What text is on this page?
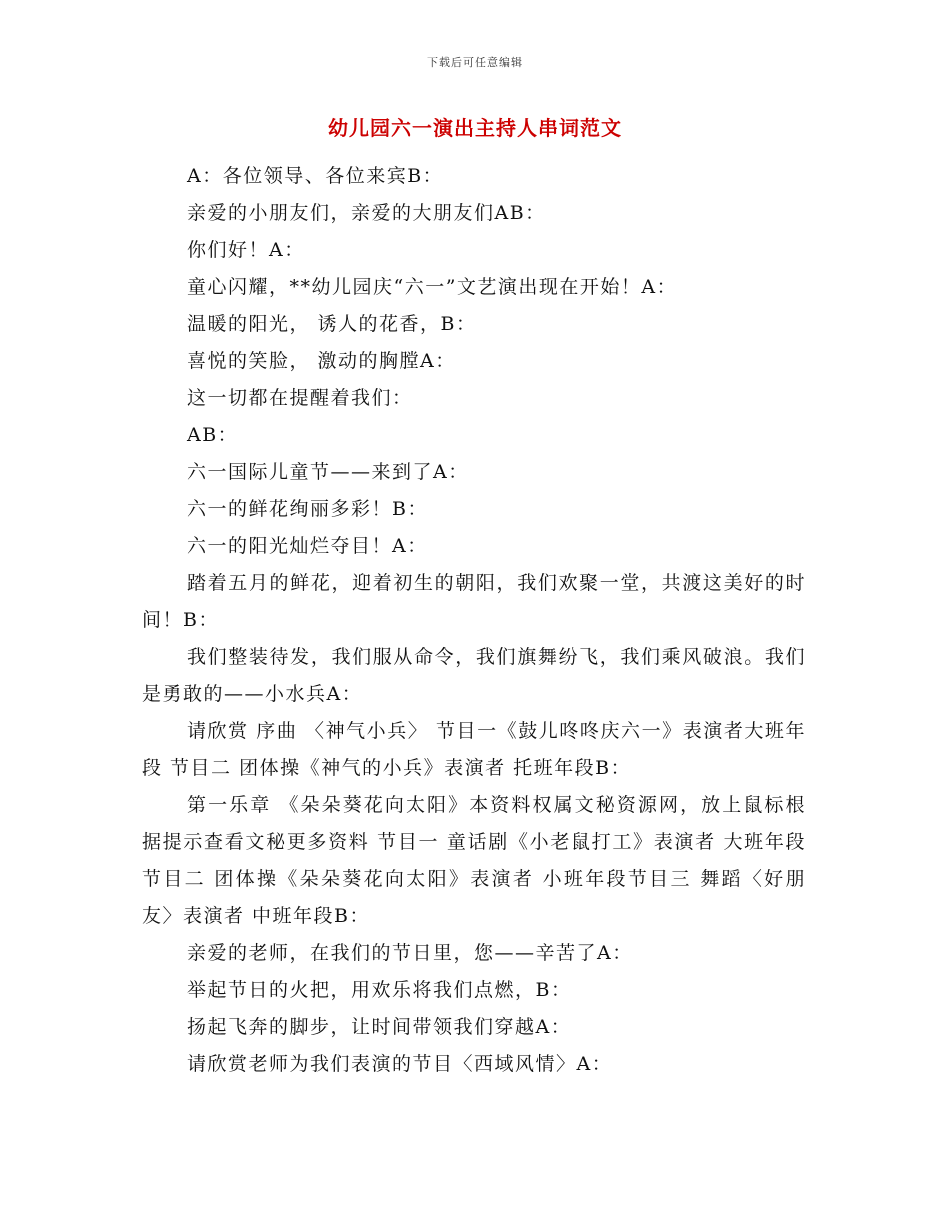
下载后可任意编辑
幼儿园六一演出主持人串词范文

A：各位领导、各位来宾B：

亲爱的小朋友们，亲爱的大朋友们AB：

你们好！A：

童心闪耀，**幼儿园庆“六一”文艺演出现在开始！A：

温暖的阳光， 诱人的花香，B：

喜悦的笑脸， 激动的胸膛A：

这一切都在提醒着我们：

AB：

六一国际儿童节——来到了A：

六一的鲜花绚丽多彩！B：

六一的阳光灿烂夺目！A：

踏着五月的鲜花，迎着初生的朝阳，我们欢聚一堂，共渡这美好的时间！B：

我们整装待发，我们服从命令，我们旗舞纷飞，我们乘风破浪。我们是勇敢的——小水兵A：

请欣赏 序曲 〈神气小兵〉 节目一《鼓儿咚咚庆六一》表演者大班年段 节目二 团体操《神气的小兵》表演者 托班年段B：

第一乐章 《朵朵葵花向太阳》本资料权属文秘资源网，放上鼠标根据提示查看文秘更多资料 节目一 童话剧《小老鼠打工》表演者 大班年段节目二 团体操《朵朵葵花向太阳》表演者 小班年段节目三 舞蹈〈好朋友〉表演者 中班年段B：

亲爱的老师，在我们的节日里，您——辛苦了A：

举起节日的火把，用欢乐将我们点燃，B：

扬起飞奔的脚步，让时间带领我们穿越A：

请欣赏老师为我们表演的节目〈西域风情〉A：
